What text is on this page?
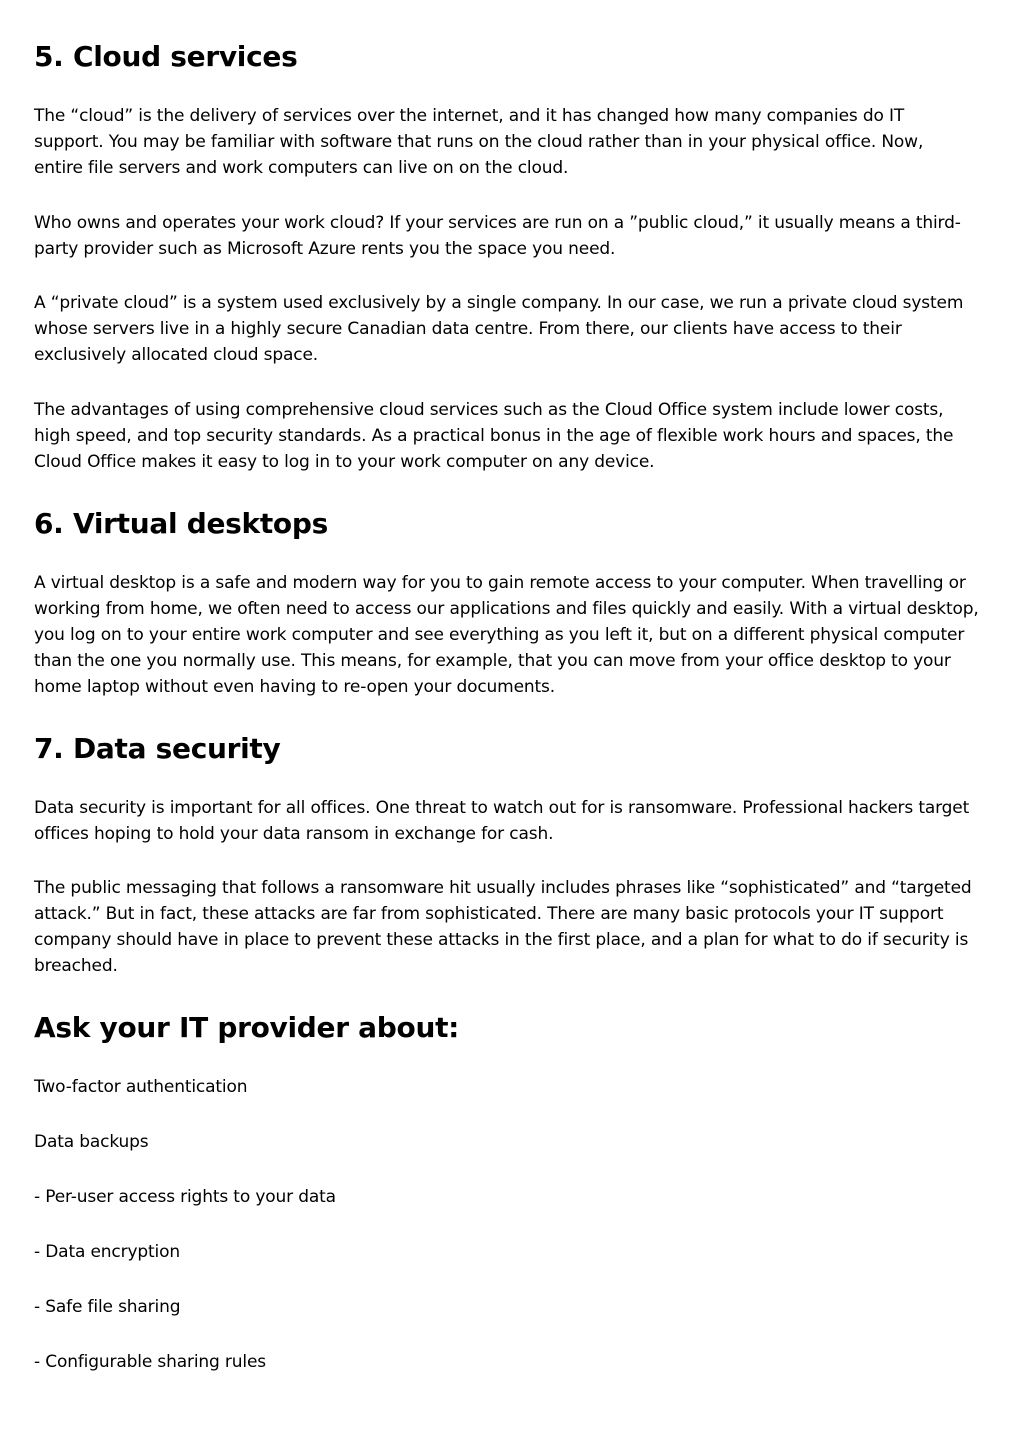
5. Cloud services

The “cloud” is the delivery of services over the internet, and it has changed how many companies do IT support. You may be familiar with software that runs on the cloud rather than in your physical office. Now, entire file servers and work computers can live on on the cloud.

Who owns and operates your work cloud? If your services are run on a ”public cloud,” it usually means a third-party provider such as Microsoft Azure rents you the space you need.

A “private cloud” is a system used exclusively by a single company. In our case, we run a private cloud system whose servers live in a highly secure Canadian data centre. From there, our clients have access to their exclusively allocated cloud space.

The advantages of using comprehensive cloud services such as the Cloud Office system include lower costs, high speed, and top security standards. As a practical bonus in the age of flexible work hours and spaces, the Cloud Office makes it easy to log in to your work computer on any device.

6. Virtual desktops

A virtual desktop is a safe and modern way for you to gain remote access to your computer. When travelling or working from home, we often need to access our applications and files quickly and easily. With a virtual desktop, you log on to your entire work computer and see everything as you left it, but on a different physical computer than the one you normally use. This means, for example, that you can move from your office desktop to your home laptop without even having to re-open your documents.

7. Data security

Data security is important for all offices. One threat to watch out for is ransomware. Professional hackers target offices hoping to hold your data ransom in exchange for cash.

The public messaging that follows a ransomware hit usually includes phrases like “sophisticated” and “targeted attack.” But in fact, these attacks are far from sophisticated. There are many basic protocols your IT support company should have in place to prevent these attacks in the first place, and a plan for what to do if security is breached.

Ask your IT provider about:

Two-factor authentication

Data backups

- Per-user access rights to your data

- Data encryption

- Safe file sharing

- Configurable sharing rules
